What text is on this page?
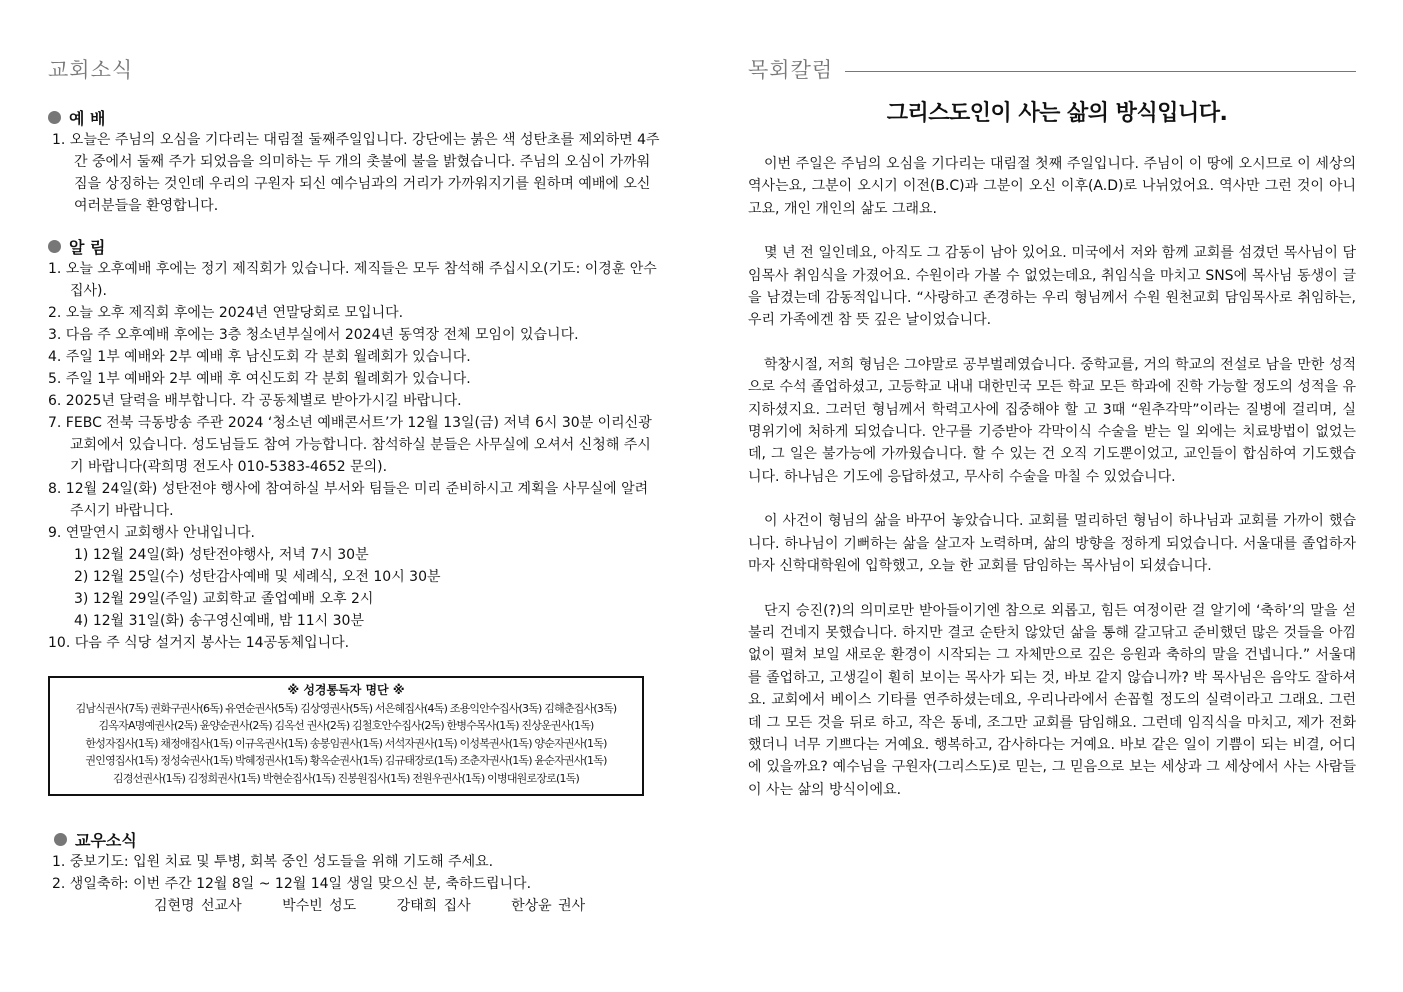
교회소식
예 배
1. 오늘은 주님의 오심을 기다리는 대림절 둘째주일입니다. 강단에는 붉은 색 성탄초를 제외하면 4주간 중에서 둘째 주가 되었음을 의미하는 두 개의 촛불에 불을 밝혔습니다. 주님의 오심이 가까워짐을 상징하는 것인데 우리의 구원자 되신 예수님과의 거리가 가까워지기를 원하며 예배에 오신 여러분들을 환영합니다.
알 림
1. 오늘 오후예배 후에는 정기 제직회가 있습니다. 제직들은 모두 참석해 주십시오(기도: 이경훈 안수집사).
2. 오늘 오후 제직회 후에는 2024년 연말당회로 모입니다.
3. 다음 주 오후예배 후에는 3층 청소년부실에서 2024년 동역장 전체 모임이 있습니다.
4. 주일 1부 예배와 2부 예배 후 남신도회 각 분회 월례회가 있습니다.
5. 주일 1부 예배와 2부 예배 후 여신도회 각 분회 월례회가 있습니다.
6. 2025년 달력을 배부합니다. 각 공동체별로 받아가시길 바랍니다.
7. FEBC 전북 극동방송 주관 2024 ‘청소년 예배콘서트’가 12월 13일(금) 저녁 6시 30분 이리신광교회에서 있습니다. 성도님들도 참여 가능합니다. 참석하실 분들은 사무실에 오셔서 신청해 주시기 바랍니다(곽희명 전도사 010-5383-4652 문의).
8. 12월 24일(화) 성탄전야 행사에 참여하실 부서와 팀들은 미리 준비하시고 계획을 사무실에 알려주시기 바랍니다.
9. 연말연시 교회행사 안내입니다.
1) 12월 24일(화) 성탄전야행사, 저녁 7시 30분
2) 12월 25일(수) 성탄감사예배 및 세례식, 오전 10시 30분
3) 12월 29일(주일) 교회학교 졸업예배 오후 2시
4) 12월 31일(화) 송구영신예배, 밤 11시 30분
10. 다음 주 식당 설거지 봉사는 14공동체입니다.
※ 성경통독자 명단 ※
김남식권사(7독) 권화구권사(6독) 유연순권사(5독) 김상영권사(5독) 서은혜집사(4독) 조용익안수집사(3독) 김해춘집사(3독)
김옥자A명예권사(2독) 윤양순권사(2독) 김옥선 권사(2독) 김철호안수집사(2독) 한병수목사(1독) 진상운권사(1독)
한성자집사(1독) 채정애집사(1독) 이규옥권사(1독) 송봉임권사(1독) 서석자권사(1독) 이성복권사(1독) 양순자권사(1독)
권인영집사(1독) 정성숙권사(1독) 박혜정권사(1독) 황옥순권사(1독) 김규태장로(1독) 조춘자권사(1독) 윤순자권사(1독)
김경선권사(1독) 김정희권사(1독) 박현순집사(1독) 진봉원집사(1독) 전원우권사(1독) 이병대원로장로(1독)
교우소식
1. 중보기도: 입원 치료 및 투병, 회복 중인 성도들을 위해 기도해 주세요.
2. 생일축하: 이번 주간 12월 8일 ~ 12월 14일 생일 맞으신 분, 축하드립니다.
김현명 선교사	박수빈 성도	강태희 집사	한상윤 권사
목회칼럼
그리스도인이 사는 삶의 방식입니다.

이번 주일은 주님의 오심을 기다리는 대림절 첫째 주일입니다. 주님이 이 땅에 오시므로 이 세상의 역사는요, 그분이 오시기 이전(B.C)과 그분이 오신 이후(A.D)로 나뉘었어요. 역사만 그런 것이 아니고요, 개인 개인의 삶도 그래요.

몇 년 전 일인데요, 아직도 그 감동이 남아 있어요. 미국에서 저와 함께 교회를 섬겼던 목사님이 담임목사 취임식을 가졌어요. 수원이라 가볼 수 없었는데요, 취임식을 마치고 SNS에 목사님 동생이 글을 남겼는데 감동적입니다. “사랑하고 존경하는 우리 형님께서 수원 원천교회 담임목사로 취임하는, 우리 가족에겐 참 뜻 깊은 날이었습니다.

학창시절, 저희 형님은 그야말로 공부벌레였습니다. 중학교를, 거의 학교의 전설로 남을 만한 성적으로 수석 졸업하셨고, 고등학교 내내 대한민국 모든 학교 모든 학과에 진학 가능할 정도의 성적을 유지하셨지요. 그러던 형님께서 학력고사에 집중해야 할 고 3때 “원추각막”이라는 질병에 걸리며, 실명위기에 처하게 되었습니다. 안구를 기증받아 각막이식 수술을 받는 일 외에는 치료방법이 없었는데, 그 일은 불가능에 가까웠습니다. 할 수 있는 건 오직 기도뿐이었고, 교인들이 합심하여 기도했습니다. 하나님은 기도에 응답하셨고, 무사히 수술을 마칠 수 있었습니다.

이 사건이 형님의 삶을 바꾸어 놓았습니다. 교회를 멀리하던 형님이 하나님과 교회를 가까이 했습니다. 하나님이 기뻐하는 삶을 살고자 노력하며, 삶의 방향을 정하게 되었습니다. 서울대를 졸업하자마자 신학대학원에 입학했고, 오늘 한 교회를 담임하는 목사님이 되셨습니다.

단지 승진(?)의 의미로만 받아들이기엔 참으로 외롭고, 힘든 여정이란 걸 알기에 ‘축하’의 말을 섣불리 건네지 못했습니다. 하지만 결코 순탄치 않았던 삶을 통해 갈고닦고 준비했던 많은 것들을 아낌없이 펼쳐 보일 새로운 환경이 시작되는 그 자체만으로 깊은 응원과 축하의 말을 건넵니다.” 서울대를 졸업하고, 고생길이 훤히 보이는 목사가 되는 것, 바보 같지 않습니까? 박 목사님은 음악도 잘하셔요. 교회에서 베이스 기타를 연주하셨는데요, 우리나라에서 손꼽힐 정도의 실력이라고 그래요. 그런데 그 모든 것을 뒤로 하고, 작은 동네, 조그만 교회를 담임해요. 그런데 임직식을 마치고, 제가 전화했더니 너무 기쁘다는 거예요. 행복하고, 감사하다는 거예요. 바보 같은 일이 기쁨이 되는 비결, 어디에 있을까요? 예수님을 구원자(그리스도)로 믿는, 그 믿음으로 보는 세상과 그 세상에서 사는 사람들이 사는 삶의 방식이에요.
